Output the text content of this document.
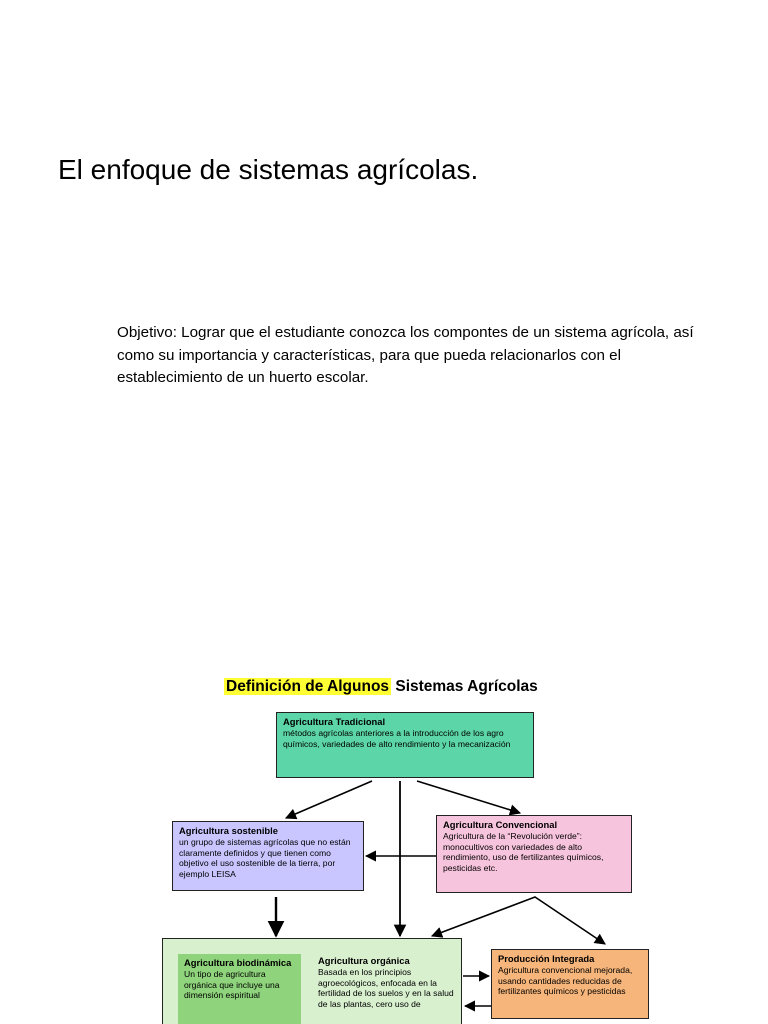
El enfoque de sistemas agrícolas.
Objetivo: Lograr que el estudiante conozca los compontes de un sistema agrícola, así como su importancia y características, para que pueda relacionarlos con el establecimiento de un huerto escolar.
Definición de Algunos Sistemas Agrícolas
Agricultura Tradicional
métodos agrícolas anteriores a la introducción de los agro químicos, variedades de alto rendimiento y la mecanización
Agricultura sostenible
un grupo de sistemas agrícolas que no están claramente definidos y que tienen como objetivo el uso sostenible de la tierra, por ejemplo LEISA
Agricultura Convencional
Agricultura de la “Revolución verde”: monocultivos con variedades de alto rendimiento, uso de fertilizantes químicos, pesticidas etc.
Agricultura biodinámica
Un tipo de agricultura orgánica que incluye una dimensión espiritual
Agricultura orgánica
Basada en los principios agroecológicos, enfocada en la fertilidad de los suelos y en la salud de las plantas, cero uso de
Producción Integrada
Agricultura convencional mejorada, usando cantidades reducidas de fertilizantes químicos y pesticidas
